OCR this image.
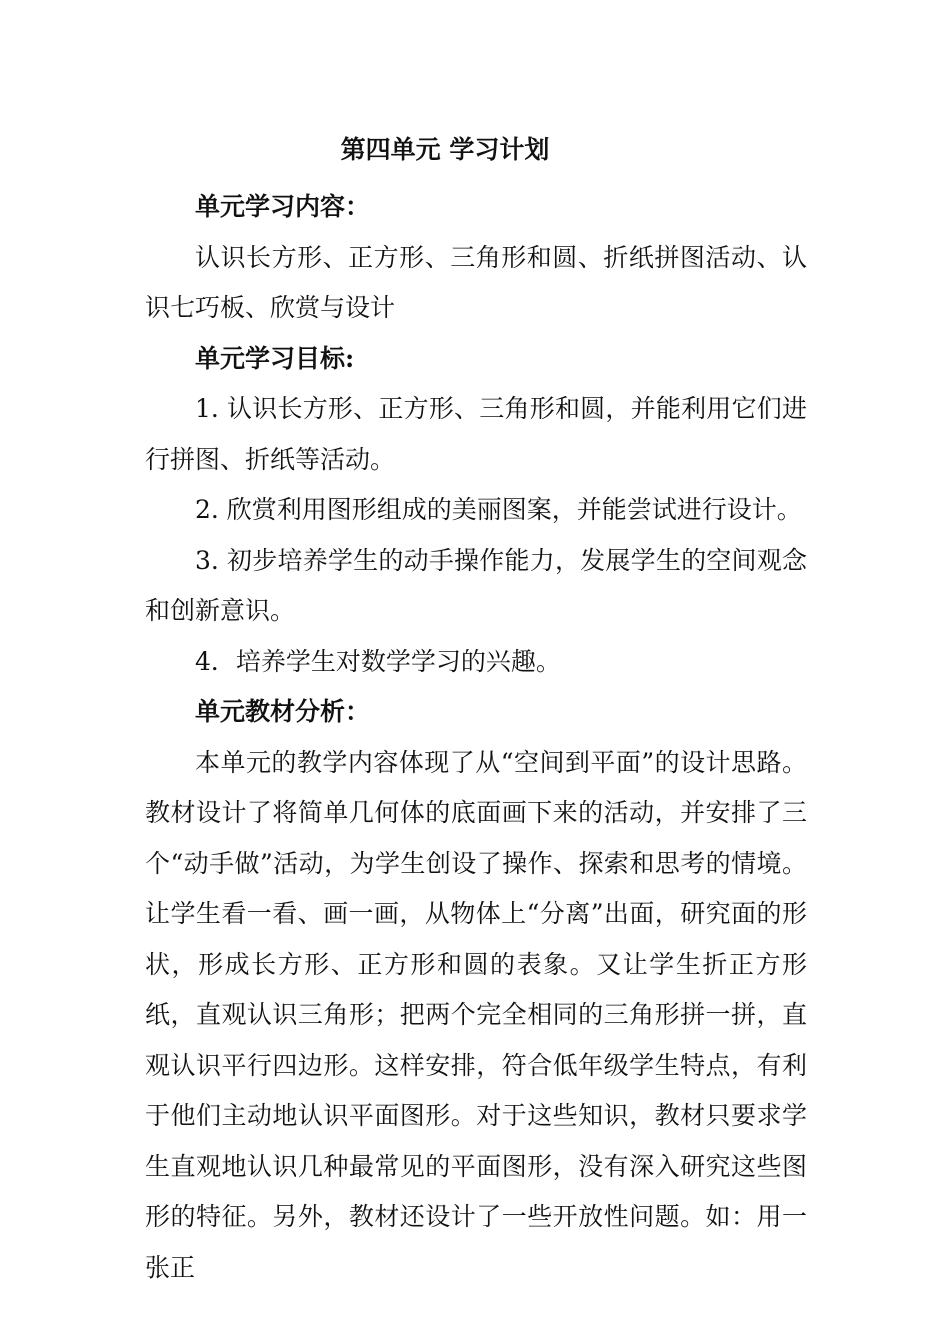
第四单元 学习计划

单元学习内容：

认识长方形、正方形、三角形和圆、折纸拼图活动、认识七巧板、欣赏与设计

单元学习目标:

1. 认识长方形、正方形、三角形和圆，并能利用它们进行拼图、折纸等活动。

2. 欣赏利用图形组成的美丽图案，并能尝试进行设计。

3. 初步培养学生的动手操作能力，发展学生的空间观念和创新意识。

4．培养学生对数学学习的兴趣。

单元教材分析：

本单元的教学内容体现了从“空间到平面”的设计思路。教材设计了将简单几何体的底面画下来的活动，并安排了三个“动手做”活动，为学生创设了操作、探索和思考的情境。让学生看一看、画一画，从物体上“分离”出面，研究面的形状，形成长方形、正方形和圆的表象。又让学生折正方形纸，直观认识三角形；把两个完全相同的三角形拼一拼，直观认识平行四边形。这样安排，符合低年级学生特点，有利于他们主动地认识平面图形。对于这些知识，教材只要求学生直观地认识几种最常见的平面图形，没有深入研究这些图形的特征。另外，教材还设计了一些开放性问题。如：用一张正
